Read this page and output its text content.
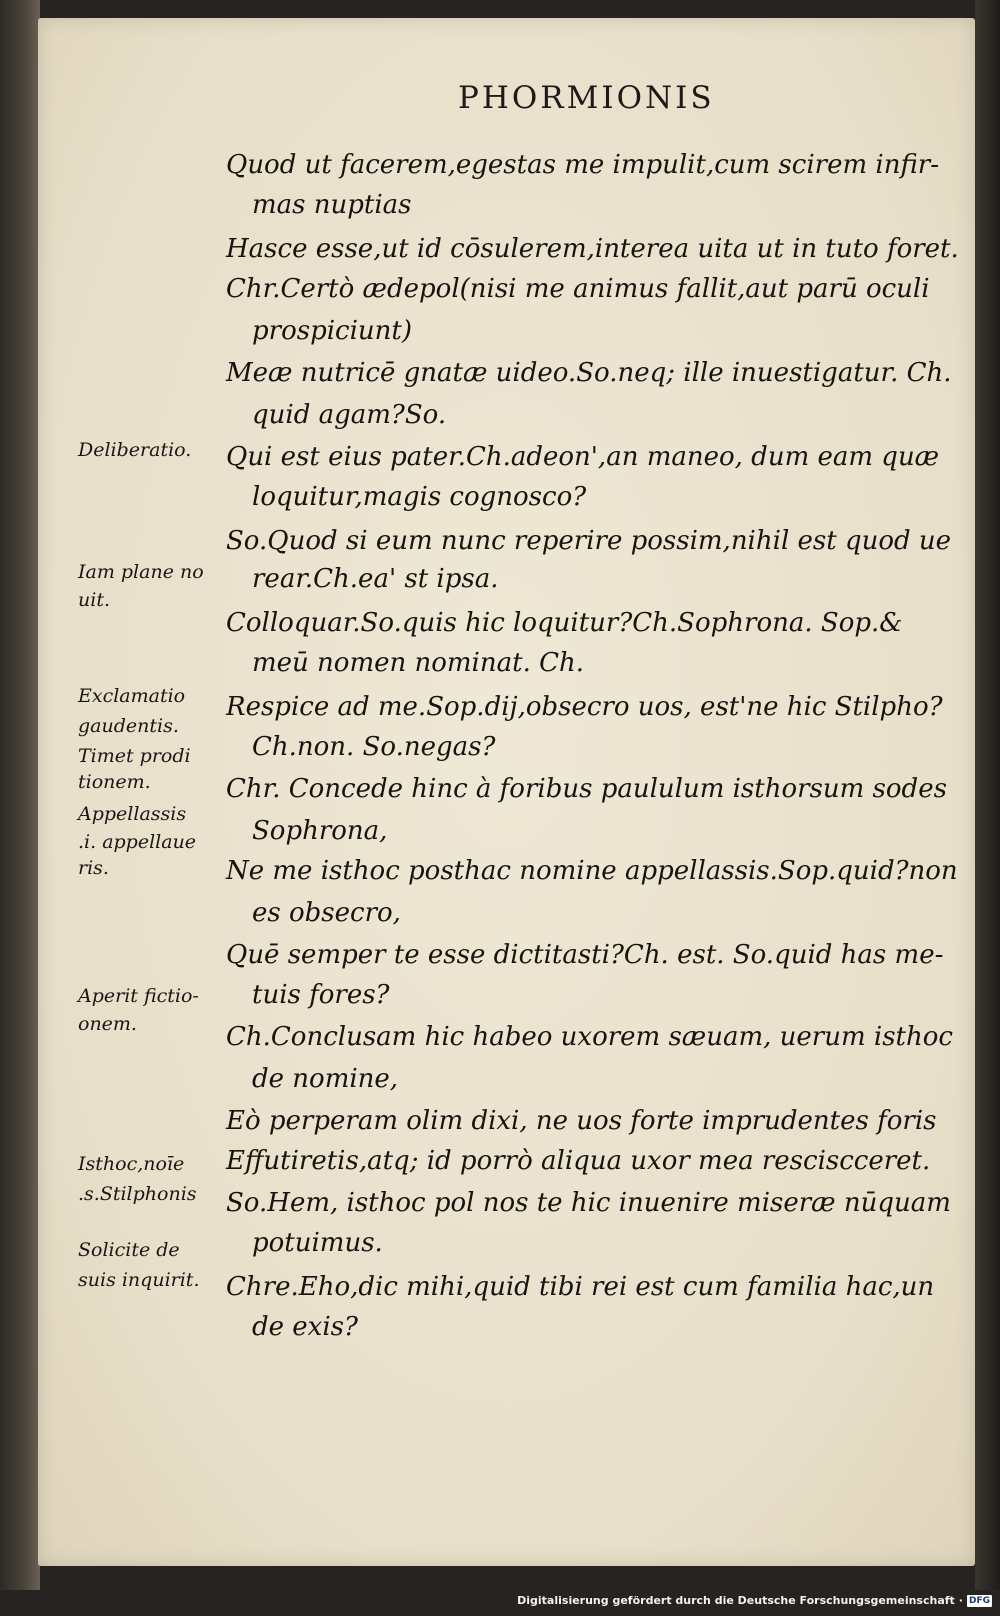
PHORMIONIS
Quod ut facerem,egestas me impulit,cum scirem infir-
mas nuptias
Hasce esse,ut id cōsulerem,interea uita ut in tuto foret.
Chr.Certò ædepol(nisi me animus fallit,aut parū oculi
prospiciunt)
Meæ nutricē gnatæ uideo.So.neq; ille inuestigatur. Ch.
quid agam?So.
Qui est eius pater.Ch.adeon',an maneo, dum eam quæ
loquitur,magis cognosco?
So.Quod si eum nunc reperire possim,nihil est quod ue
rear.Ch.ea' st ipsa.
Colloquar.So.quis hic loquitur?Ch.Sophrona. Sop.&
meū nomen nominat. Ch.
Respice ad me.Sop.dij,obsecro uos, est'ne hic Stilpho?
Ch.non. So.negas?
Chr. Concede hinc à foribus paululum isthorsum sodes
Sophrona,
Ne me isthoc posthac nomine appellassis.Sop.quid?non
es obsecro,
Quē semper te esse dictitasti?Ch. est. So.quid has me-
tuis fores?
Ch.Conclusam hic habeo uxorem sæuam, uerum isthoc
de nomine,
Eò perperam olim dixi, ne uos forte imprudentes foris
Effutiretis,atq; id porrò aliqua uxor mea resciscceret.
So.Hem, isthoc pol nos te hic inuenire miseræ nūquam
potuimus.
Chre.Eho,dic mihi,quid tibi rei est cum familia hac,un
de exis?
Deliberatio.
Iam plane no
uit.
Exclamatio
gaudentis.
Timet prodi
tionem.
Appellassis
.i. appellaue
ris.
Aperit fictio-
onem.
Isthoc,noīe
.s.Stilphonis
Solicite de
suis inquirit.
Digitalisierung gefördert durch die Deutsche Forschungsgemeinschaft · DFG
